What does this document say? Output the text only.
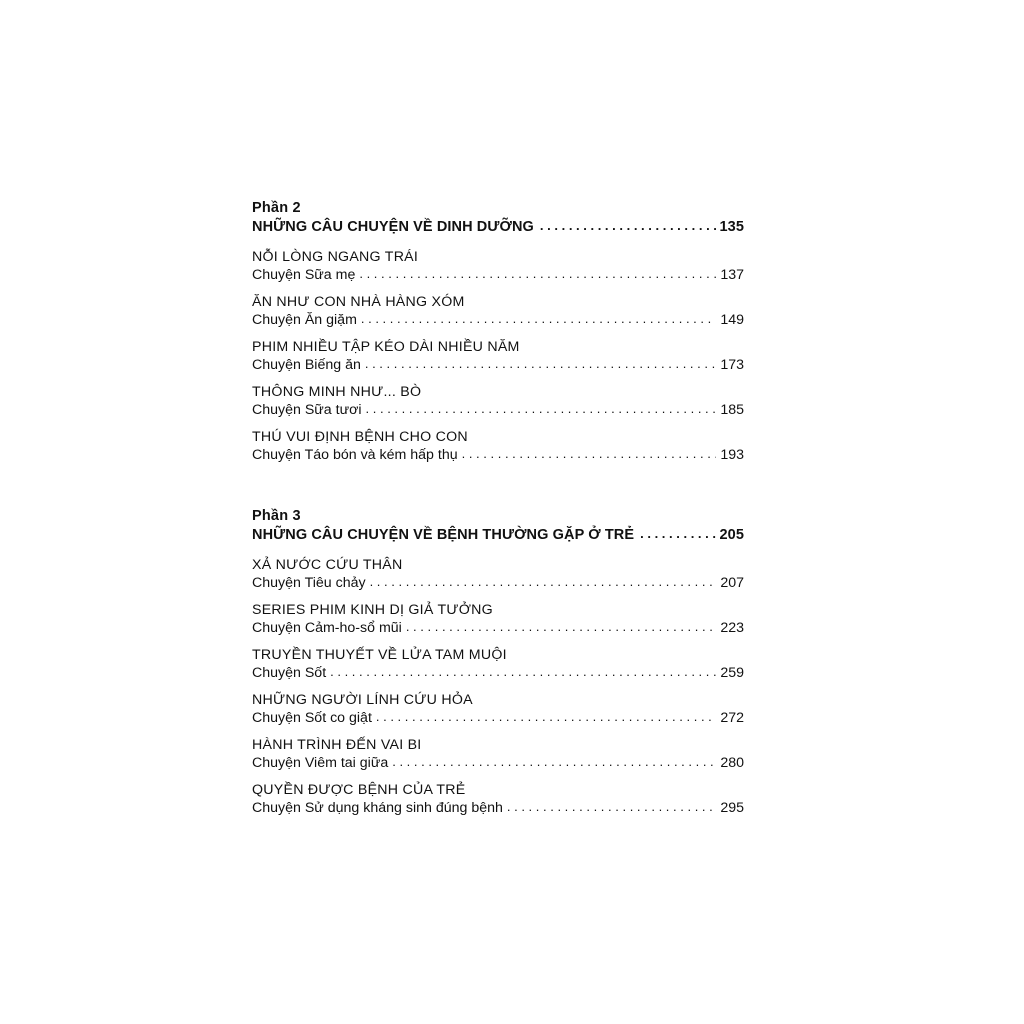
Phần 2
NHỮNG CÂU CHUYỆN VỀ DINH DƯỠNG . . .	135
NỖI LÒNG NGANG TRÁI
Chuyện Sữa mẹ . . .	137
ĂN NHƯ CON NHÀ HÀNG XÓM
Chuyện Ăn giặm . . .	149
PHIM NHIỀU TẬP KÉO DÀI NHIỀU NĂM
Chuyện Biếng ăn . . .	173
THÔNG MINH NHƯ... BÒ
Chuyện Sữa tươi . . .	185
THÚ VUI ĐỊNH BỆNH CHO CON
Chuyện Táo bón và kém hấp thụ . . .	193
Phần 3
NHỮNG CÂU CHUYỆN VỀ BỆNH THƯỜNG GẶP Ở TRẺ . . .	205
XẢ NƯỚC CỨU THÂN
Chuyện Tiêu chảy . . .	207
SERIES PHIM KINH DỊ GIẢ TƯỞNG
Chuyện Cảm-ho-sổ mũi . . .	223
TRUYỀN THUYẾT VỀ LỬA TAM MUỘI
Chuyện Sốt . . .	259
NHỮNG NGƯỜI LÍNH CỨU HỎA
Chuyện Sốt co giật . . .	272
HÀNH TRÌNH ĐẾN VAI BI
Chuyện Viêm tai giữa . . .	280
QUYỀN ĐƯỢC BỆNH CỦA TRẺ
Chuyện Sử dụng kháng sinh đúng bệnh . . .	295
